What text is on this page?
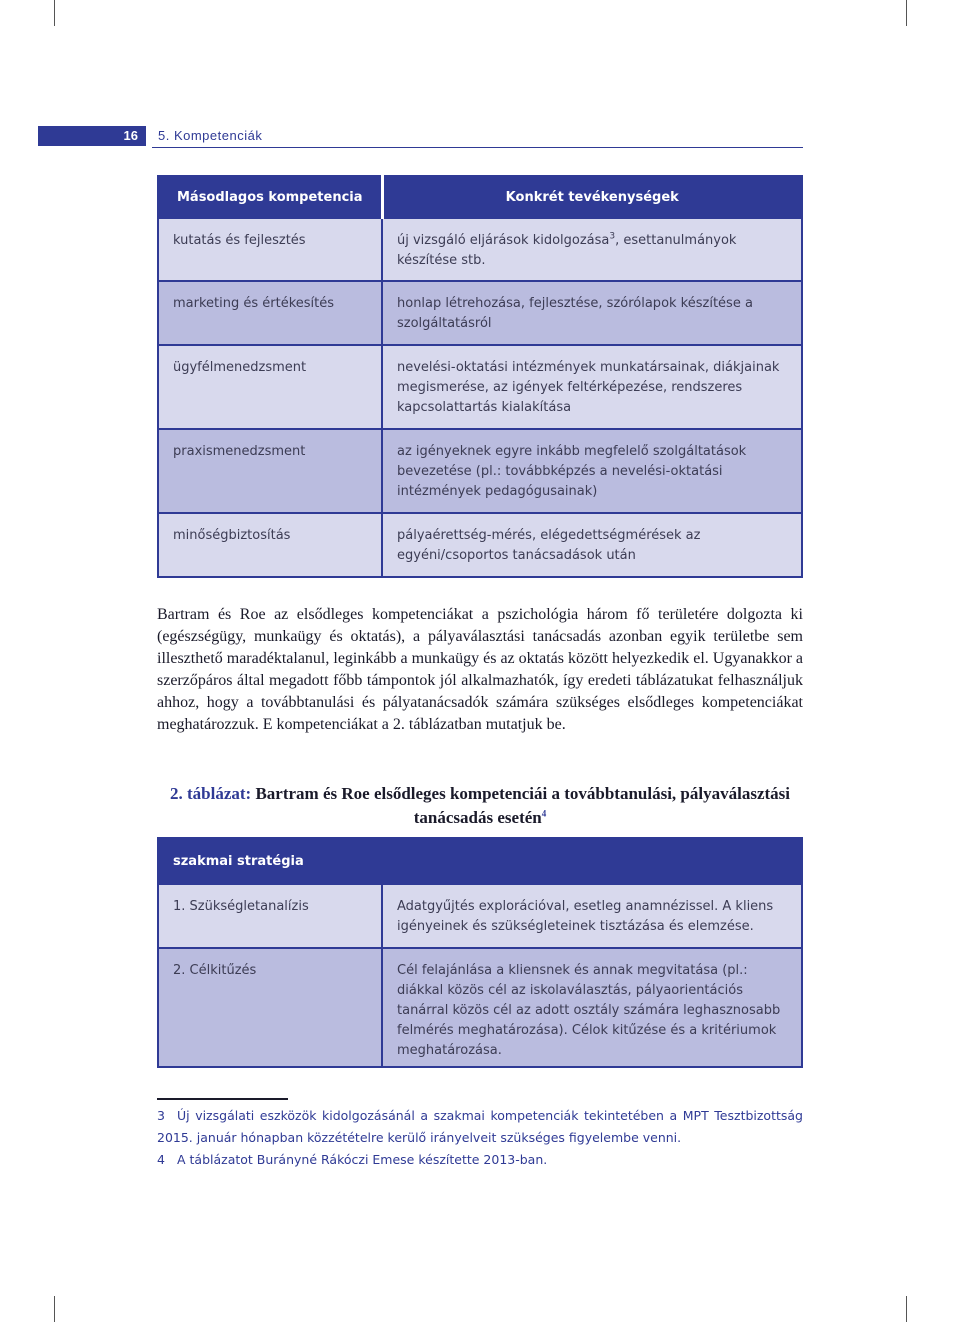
16	5. Kompetenciák
Másodlagos kompetencia	Konkrét tevékenységek
kutatás és fejlesztés	új vizsgáló eljárások kidolgozása$^3$, esettanulmányok készítése stb.
marketing és értékesítés	honlap létrehozása, fejlesztése, szórólapok készítése a szolgáltatásról
ügyfélmenedzsment	nevelési-oktatási intézmények munkatársainak, diákjainak megismerése, az igények feltérképezése, rendszeres kapcsolattartás kialakítása
praxismenedzsment	az igényeknek egyre inkább megfelelő szolgáltatások bevezetése (pl.: továbbképzés a nevelési-oktatási intézmények pedagógusainak)
minőségbiztosítás	pályaérettség-mérés, elégedettségmérések az egyéni/csoportos tanácsadások után

Bartram és Roe az elsődleges kompetenciákat a pszichológia három fő területére dolgozta ki (egészségügy, munkaügy és oktatás), a pályaválasztási tanácsadás azonban egyik területbe sem illeszthető maradéktalanul, leginkább a munkaügy és az oktatás között helyezkedik el. Ugyanakkor a szerzőpáros által megadott főbb támpontok jól alkalmazhatók, így eredeti táblázatukat felhasználjuk ahhoz, hogy a továbbtanulási és pályatanácsadók számára szükséges elsődleges kompetenciákat meghatározzuk. E kompetenciákat a 2. táblázatban mutatjuk be.

2. táblázat: Bartram és Roe elsődleges kompetenciái a továbbtanulási, pályaválasztási tanácsadás esetén$^4$

szakmai stratégia	
1. Szükségletanalízis	Adatgyűjtés explorációval, esetleg anamnézissel. A kliens igényeinek és szükségleteinek tisztázása és elemzése.
2. Célkitűzés	Cél felajánlása a kliensnek és annak megvitatása (pl.: diákkal közös cél az iskolaválasztás, pályaorientációs tanárral közös cél az adott osztály számára leghasznosabb felmérés meghatározása). Célok kitűzése és a kritériumok meghatározása.

3 Új vizsgálati eszközök kidolgozásánál a szakmai kompetenciák tekintetében a MPT Tesztbizottság 2015. január hónapban közzétételre kerülő irányelveit szükséges figyelembe venni.

4 A táblázatot Burányné Rákóczi Emese készítette 2013-ban.
